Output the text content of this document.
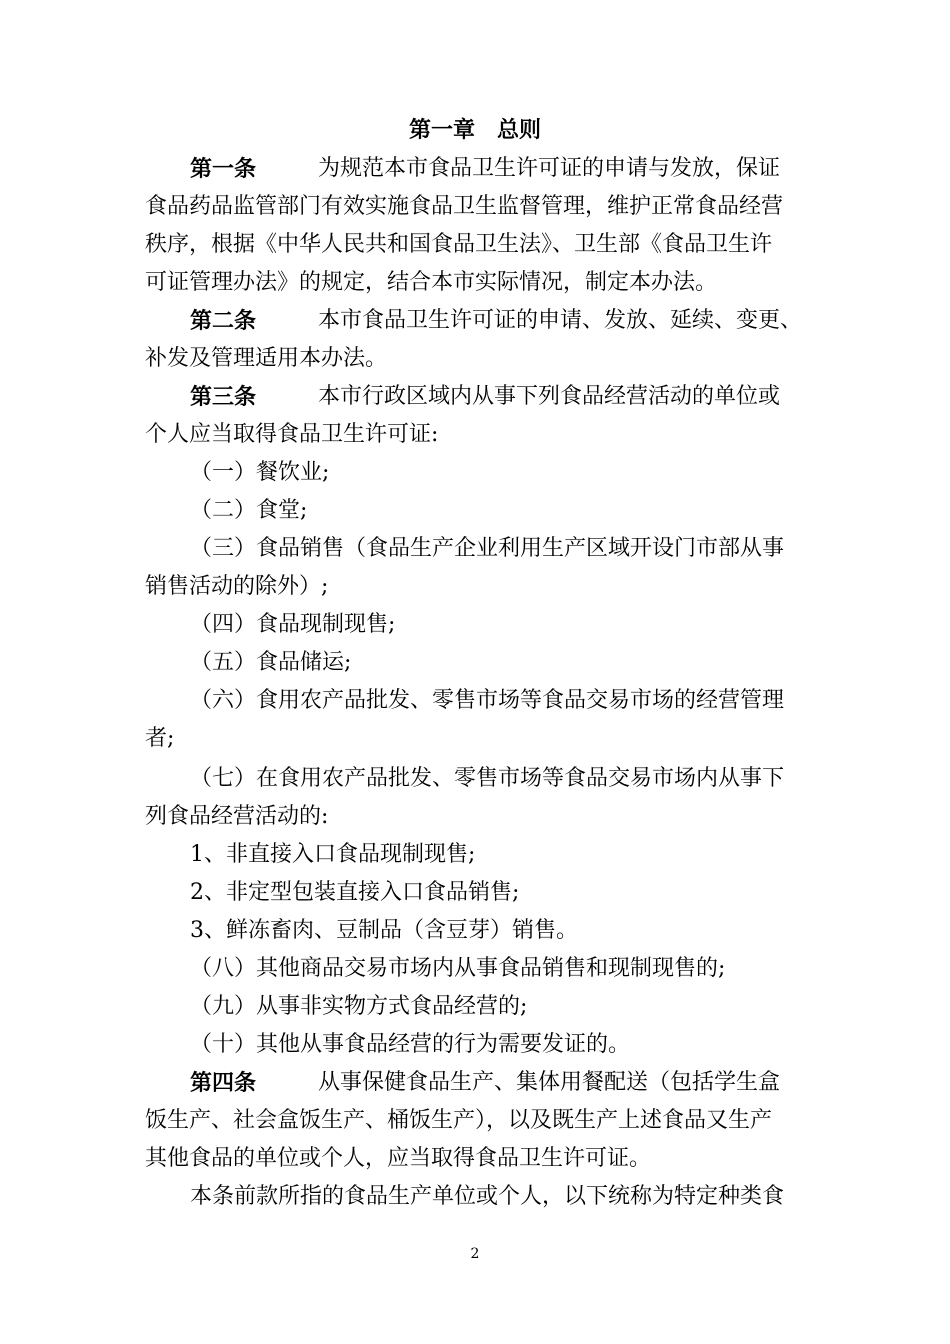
第一章　总则
第一条	为规范本市食品卫生许可证的申请与发放，保证
食品药品监管部门有效实施食品卫生监督管理，维护正常食品经营
秩序，根据《中华人民共和国食品卫生法》、卫生部《食品卫生许
可证管理办法》的规定，结合本市实际情况，制定本办法。
第二条	本市食品卫生许可证的申请、发放、延续、变更、
补发及管理适用本办法。
第三条	本市行政区域内从事下列食品经营活动的单位或
个人应当取得食品卫生许可证:
（一）餐饮业;
（二）食堂;
（三）食品销售（食品生产企业利用生产区域开设门市部从事
销售活动的除外）;
（四）食品现制现售;
（五）食品储运;
（六）食用农产品批发、零售市场等食品交易市场的经营管理
者;
（七）在食用农产品批发、零售市场等食品交易市场内从事下
列食品经营活动的:
1、非直接入口食品现制现售;
2、非定型包装直接入口食品销售;
3、鲜冻畜肉、豆制品（含豆芽）销售。
（八）其他商品交易市场内从事食品销售和现制现售的;
（九）从事非实物方式食品经营的;
（十）其他从事食品经营的行为需要发证的。
第四条	从事保健食品生产、集体用餐配送（包括学生盒
饭生产、社会盒饭生产、桶饭生产），以及既生产上述食品又生产
其他食品的单位或个人，应当取得食品卫生许可证。
本条前款所指的食品生产单位或个人，以下统称为特定种类食
2
